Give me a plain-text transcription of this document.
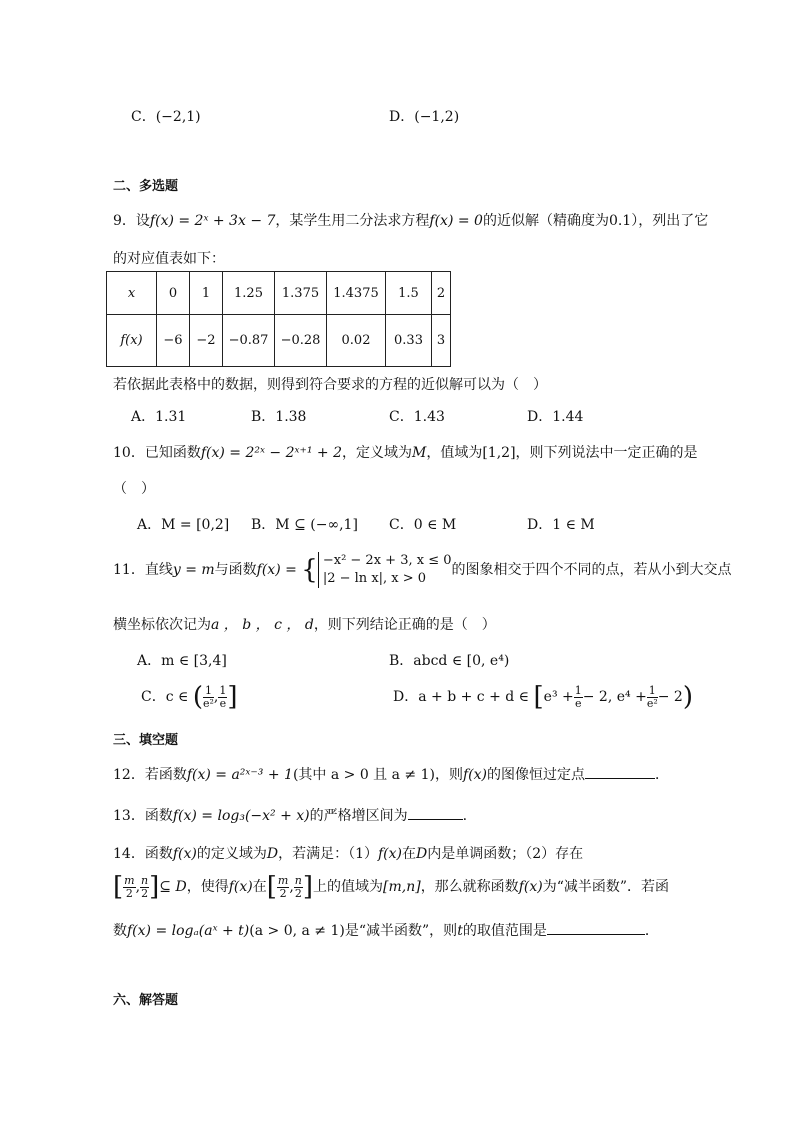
C．(−2,1)	D．(−1,2)
二、多选题
9．设f(x) = 2ˣ + 3x − 7，某学生用二分法求方程f(x) = 0的近似解（精确度为0.1），列出了它
的对应值表如下：
x	0	1	1.25	1.375	1.4375	1.5	2
f(x)	−6	−2	−0.87	−0.28	0.02	0.33	3
若依据此表格中的数据，则得到符合要求的方程的近似解可以为（　）
A．1.31	B．1.38	C．1.43	D．1.44
10．已知函数f(x) = 2²ˣ − 2ˣ⁺¹ + 2，定义域为M，值域为[1,2]，则下列说法中一定正确的是
（　）
A．M = [0,2] B．M ⊆ (−∞,1] C．0 ∈ M	D．1 ∈ M
11．直线y = m与函数f(x) = { −x² − 2x + 3, x ≤ 0
|2 − ln x|, x > 0
的图象相交于四个不同的点，若从小到大交点
横坐标依次记为a ， b ， c ， d，则下列结论正确的是（　）
A．m ∈ [3,4]	B．abcd ∈ [0, e⁴)
C．c ∈ ( $\frac{1}{\text{e²}}$ , $\frac{1}{e}$ ]	D．a + b + c + d ∈ [$e^3 + \frac{1}{e} - 2$, $e^4 + \frac{1}{\text{e²}} - 2$)
三、填空题
12．若函数f(x) = a²ˣ⁻³ + 1(其中 a > 0 且 a ≠ 1)，则f(x)的图像恒过定点	．
13．函数f(x) = log₃(−x² + x)的严格增区间为	.
14．函数f(x)的定义域为D，若满足：（1）f(x)在D内是单调函数；（2）存在
[ $\frac{m}{2}$ , $\frac{n}{2}$ ]⊆ D，使得f(x)在[ $\frac{m}{2}$ , $\frac{n}{2}$ ]上的值域为[m,n]，那么就称函数f(x)为“减半函数”．若函
数f(x) = logₐ(aˣ + t)(a > 0, a ≠ 1)是“减半函数”，则t的取值范围是	．
六、解答题
